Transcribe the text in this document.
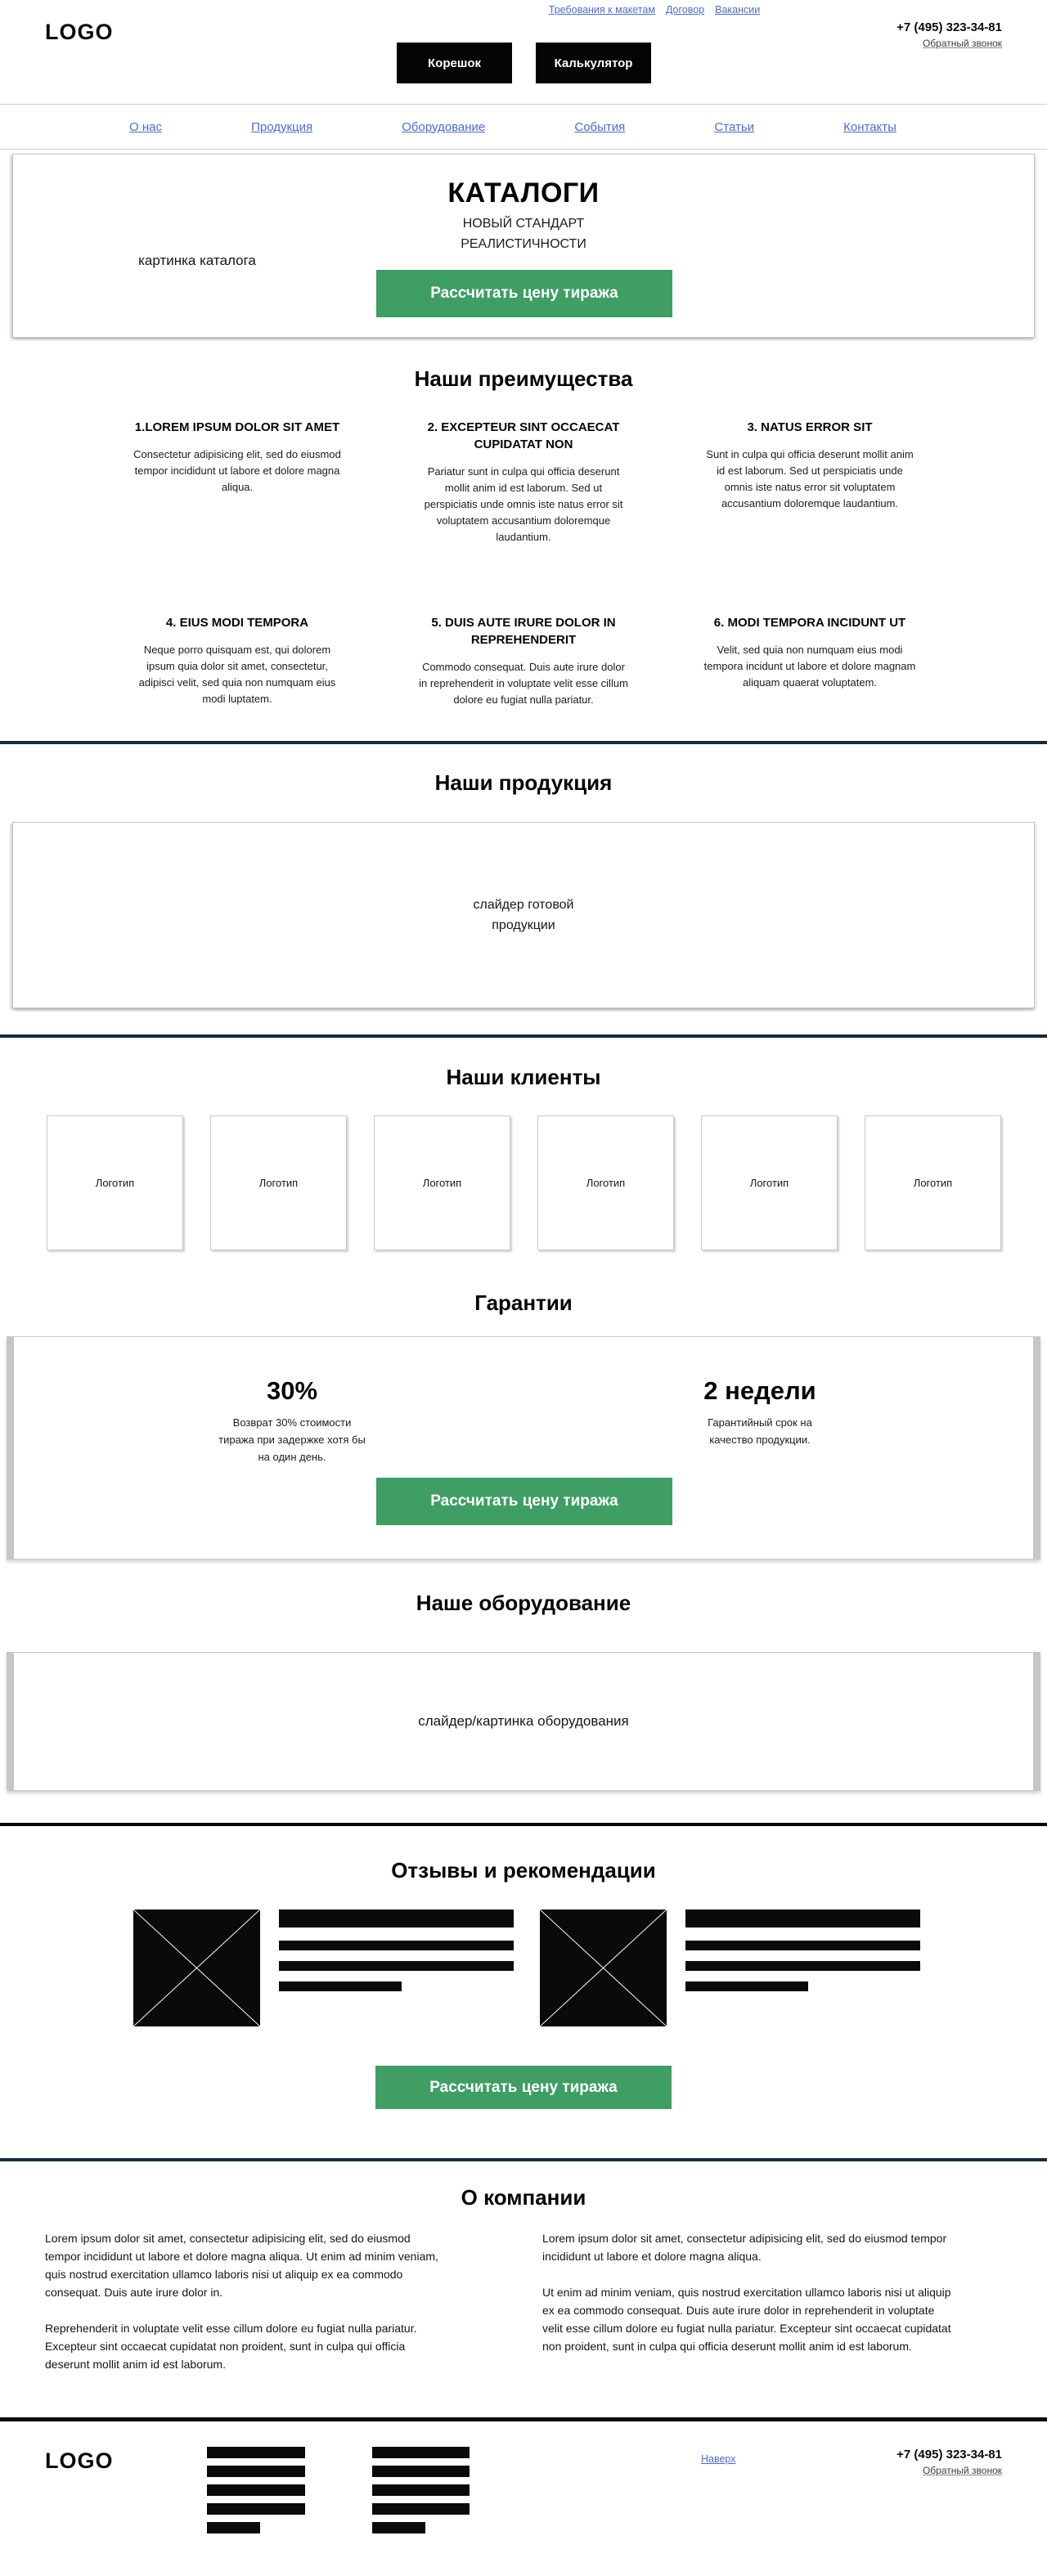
Требования к макетам Договор Вакансии
LOGO
Корешок	Калькулятор
+7 (495) 323-34-81
Обратный звонок
О нас	Продукция	Оборудование	События	Статьи	Контакты
картинка каталога
КАТАЛОГИ
НОВЫЙ СТАНДАРТ
РЕАЛИСТИЧНОСТИ
Рассчитать цену тиража
Наши преимущества
1.LOREM IPSUM DOLOR SIT AMET
Consectetur adipisicing elit, sed do eiusmod tempor incididunt ut labore et dolore magna aliqua.
2. EXCEPTEUR SINT OCCAECAT CUPIDATAT NON
Pariatur sunt in culpa qui officia deserunt mollit anim id est laborum. Sed ut perspiciatis unde omnis iste natus error sit voluptatem accusantium doloremque laudantium.
3. NATUS ERROR SIT
Sunt in culpa qui officia deserunt mollit anim id est laborum. Sed ut perspiciatis unde omnis iste natus error sit voluptatem accusantium doloremque laudantium.
4. EIUS MODI TEMPORA
Neque porro quisquam est, qui dolorem ipsum quia dolor sit amet, consectetur, adipisci velit, sed quia non numquam eius modi luptatem.
5. DUIS AUTE IRURE DOLOR IN REPREHENDERIT
Commodo consequat. Duis aute irure dolor in reprehenderit in voluptate velit esse cillum dolore eu fugiat nulla pariatur.
6. MODI TEMPORA INCIDUNT UT
Velit, sed quia non numquam eius modi tempora incidunt ut labore et dolore magnam aliquam quaerat voluptatem.
Наши продукция
слайдер готовой продукции
Наши клиенты
Логотип	Логотип	Логотип	Логотип	Логотип	Логотип
Гарантии
30%
Возврат 30% стоимости тиража при задержке хотя бы на один день.
2 недели
Гарантийный срок на качество продукции.
Рассчитать цену тиража
Наше оборудование
слайдер/картинка оборудования
Отзывы и рекомендации
Рассчитать цену тиража
О компании

Lorem ipsum dolor sit amet, consectetur adipisicing elit, sed do eiusmod tempor incididunt ut labore et dolore magna aliqua. Ut enim ad minim veniam, quis nostrud exercitation ullamco laboris nisi ut aliquip ex ea commodo consequat. Duis aute irure dolor in.

Reprehenderit in voluptate velit esse cillum dolore eu fugiat nulla pariatur. Excepteur sint occaecat cupidatat non proident, sunt in culpa qui officia deserunt mollit anim id est laborum.

Lorem ipsum dolor sit amet, consectetur adipisicing elit, sed do eiusmod tempor incididunt ut labore et dolore magna aliqua.

Ut enim ad minim veniam, quis nostrud exercitation ullamco laboris nisi ut aliquip ex ea commodo consequat. Duis aute irure dolor in reprehenderit in voluptate velit esse cillum dolore eu fugiat nulla pariatur. Excepteur sint occaecat cupidatat non proident, sunt in culpa qui officia deserunt mollit anim id est laborum.

LOGO	Наверх	+7 (495) 323-34-81
Обратный звонок
